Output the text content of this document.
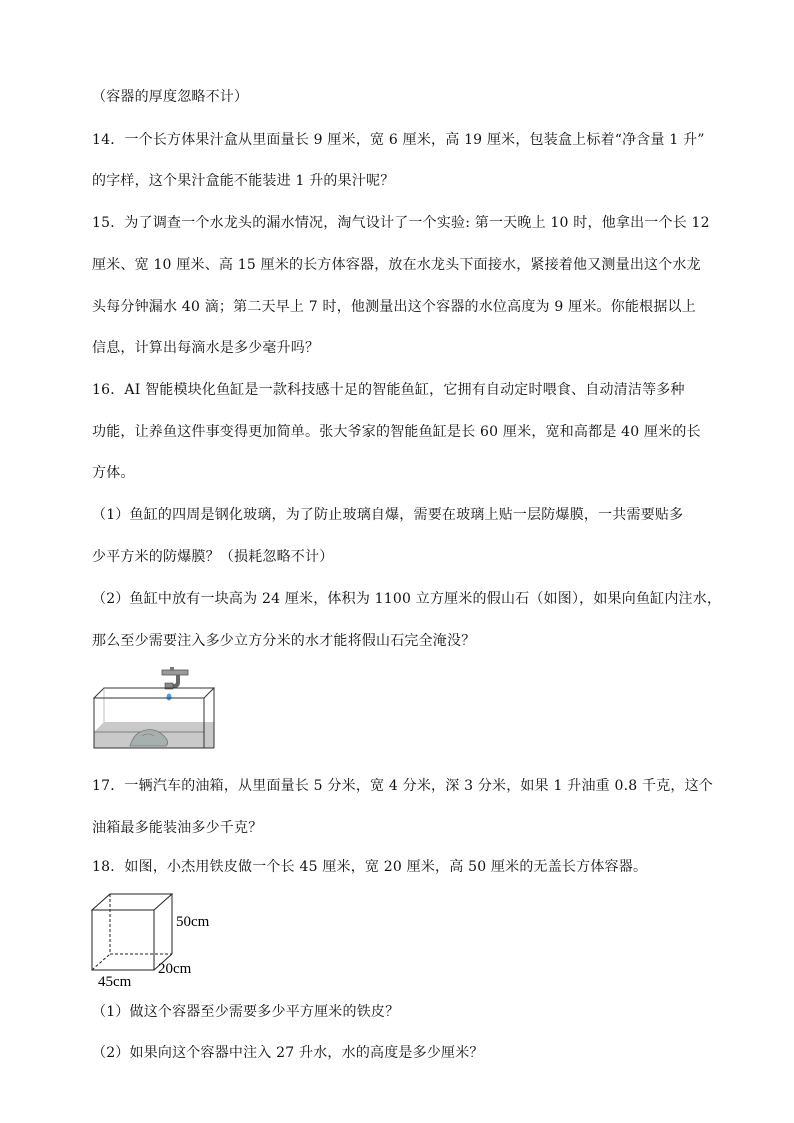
（容器的厚度忽略不计）
14．一个长方体果汁盒从里面量长 9 厘米，宽 6 厘米，高 19 厘米，包装盒上标着“净含量 1 升”
的字样，这个果汁盒能不能装进 1 升的果汁呢？
15．为了调查一个水龙头的漏水情况，淘气设计了一个实验: 第一天晚上 10 时，他拿出一个长 12
厘米、宽 10 厘米、高 15 厘米的长方体容器，放在水龙头下面接水，紧接着他又测量出这个水龙
头每分钟漏水 40 滴；第二天早上 7 时，他测量出这个容器的水位高度为 9 厘米。你能根据以上
信息，计算出每滴水是多少毫升吗？
16．AI 智能模块化鱼缸是一款科技感十足的智能鱼缸，它拥有自动定时喂食、自动清洁等多种
功能，让养鱼这件事变得更加简单。张大爷家的智能鱼缸是长 60 厘米，宽和高都是 40 厘米的长
方体。
（1）鱼缸的四周是钢化玻璃，为了防止玻璃自爆，需要在玻璃上贴一层防爆膜，一共需要贴多
少平方米的防爆膜？（损耗忽略不计）
（2）鱼缸中放有一块高为 24 厘米，体积为 1100 立方厘米的假山石（如图），如果向鱼缸内注水，
那么至少需要注入多少立方分米的水才能将假山石完全淹没？
17．一辆汽车的油箱，从里面量长 5 分米，宽 4 分米，深 3 分米，如果 1 升油重 0.8 千克，这个
油箱最多能装油多少千克？
18．如图，小杰用铁皮做一个长 45 厘米，宽 20 厘米，高 50 厘米的无盖长方体容器。
50cm
20cm
45cm
（1）做这个容器至少需要多少平方厘米的铁皮？
（2）如果向这个容器中注入 27 升水，水的高度是多少厘米？
